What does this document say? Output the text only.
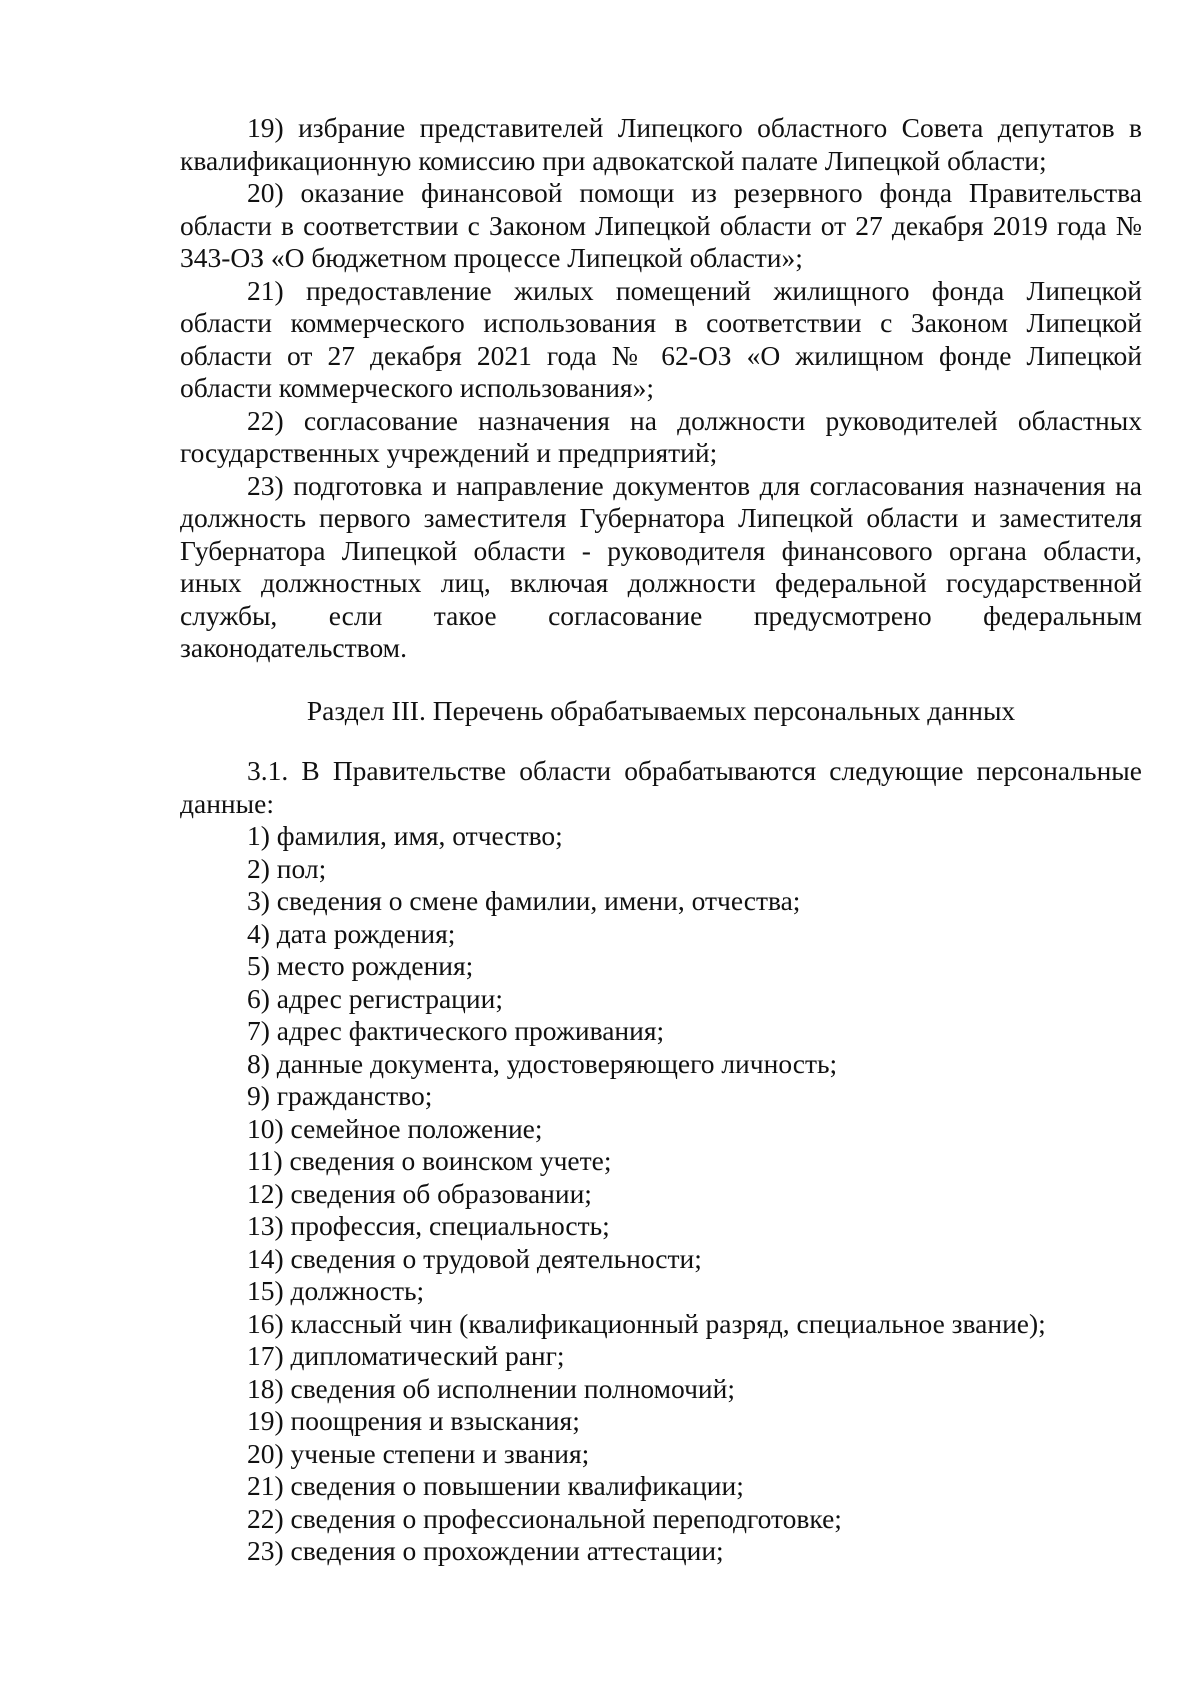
19) избрание представителей Липецкого областного Совета депутатов в квалификационную комиссию при адвокатской палате Липецкой области;

20) оказание финансовой помощи из резервного фонда Правительства области в соответствии с Законом Липецкой области от 27 декабря 2019 года № 343-ОЗ «О бюджетном процессе Липецкой области»;

21) предоставление жилых помещений жилищного фонда Липецкой области коммерческого использования в соответствии с Законом Липецкой области от 27 декабря 2021 года № 62-ОЗ «О жилищном фонде Липецкой области коммерческого использования»;

22) согласование назначения на должности руководителей областных государственных учреждений и предприятий;

23) подготовка и направление документов для согласования назначения на должность первого заместителя Губернатора Липецкой области и заместителя Губернатора Липецкой области - руководителя финансового органа области, иных должностных лиц, включая должности федеральной государственной службы, если такое согласование предусмотрено федеральным законодательством.

Раздел III. Перечень обрабатываемых персональных данных

3.1. В Правительстве области обрабатываются следующие персональные данные:

1) фамилия, имя, отчество;
2) пол;
3) сведения о смене фамилии, имени, отчества;
4) дата рождения;
5) место рождения;
6) адрес регистрации;
7) адрес фактического проживания;
8) данные документа, удостоверяющего личность;
9) гражданство;
10) семейное положение;
11) сведения о воинском учете;
12) сведения об образовании;
13) профессия, специальность;
14) сведения о трудовой деятельности;
15) должность;
16) классный чин (квалификационный разряд, специальное звание);
17) дипломатический ранг;
18) сведения об исполнении полномочий;
19) поощрения и взыскания;
20) ученые степени и звания;
21) сведения о повышении квалификации;
22) сведения о профессиональной переподготовке;
23) сведения о прохождении аттестации;
